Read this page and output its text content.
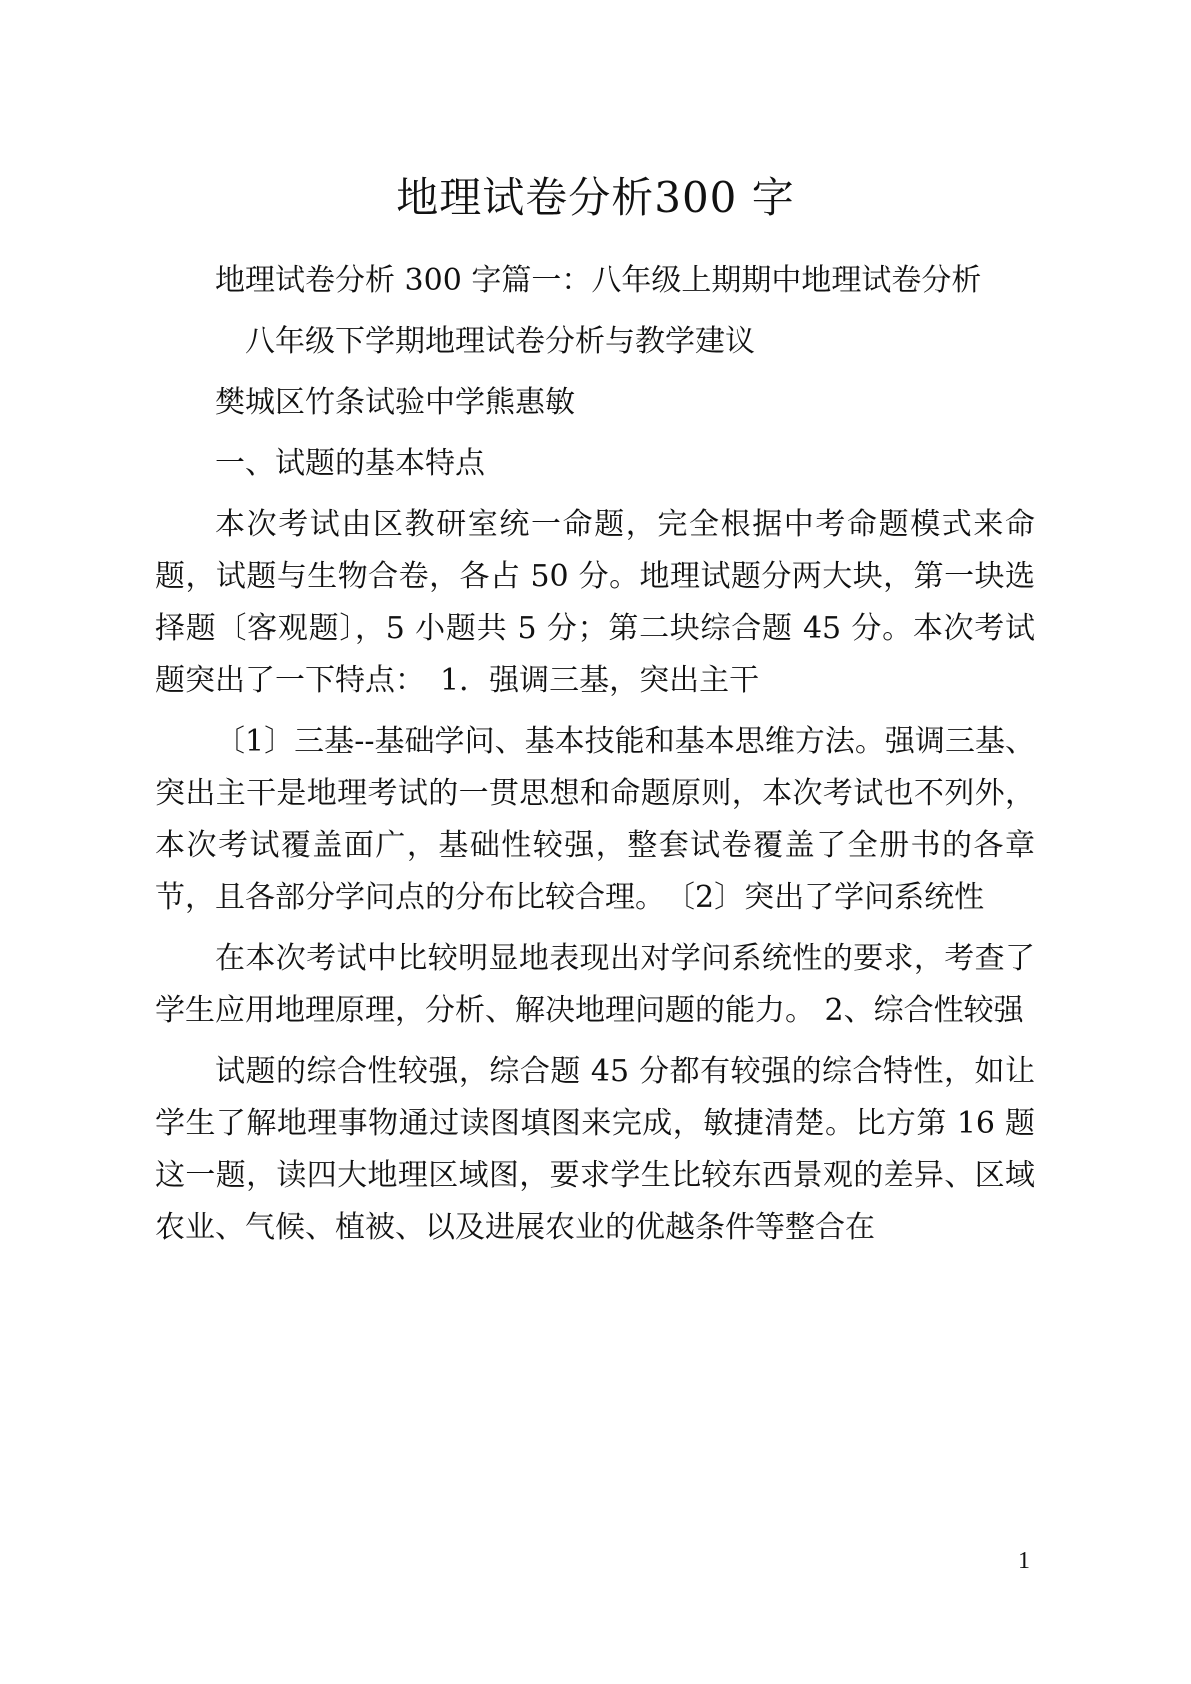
地理试卷分析300 字

地理试卷分析 300 字篇一：八年级上期期中地理试卷分析

八年级下学期地理试卷分析与教学建议

樊城区竹条试验中学熊惠敏

一、试题的基本特点

本次考试由区教研室统一命题，完全根据中考命题模式来命题，试题与生物合卷，各占 50 分。地理试题分两大块，第一块选择题〔客观题〕，5 小题共 5 分；第二块综合题 45 分。本次考试题突出了一下特点：　1．强调三基，突出主干

〔1〕三基--基础学问、基本技能和基本思维方法。强调三基、突出主干是地理考试的一贯思想和命题原则，本次考试也不列外，本次考试覆盖面广，基础性较强，整套试卷覆盖了全册书的各章节，且各部分学问点的分布比较合理。　〔2〕突出了学问系统性

在本次考试中比较明显地表现出对学问系统性的要求，考查了学生应用地理原理，分析、解决地理问题的能力。 2、综合性较强

试题的综合性较强，综合题 45 分都有较强的综合特性，如让学生了解地理事物通过读图填图来完成，敏捷清楚。比方第 16 题这一题，读四大地理区域图，要求学生比较东西景观的差异、区域农业、气候、植被、以及进展农业的优越条件等整合在

1
